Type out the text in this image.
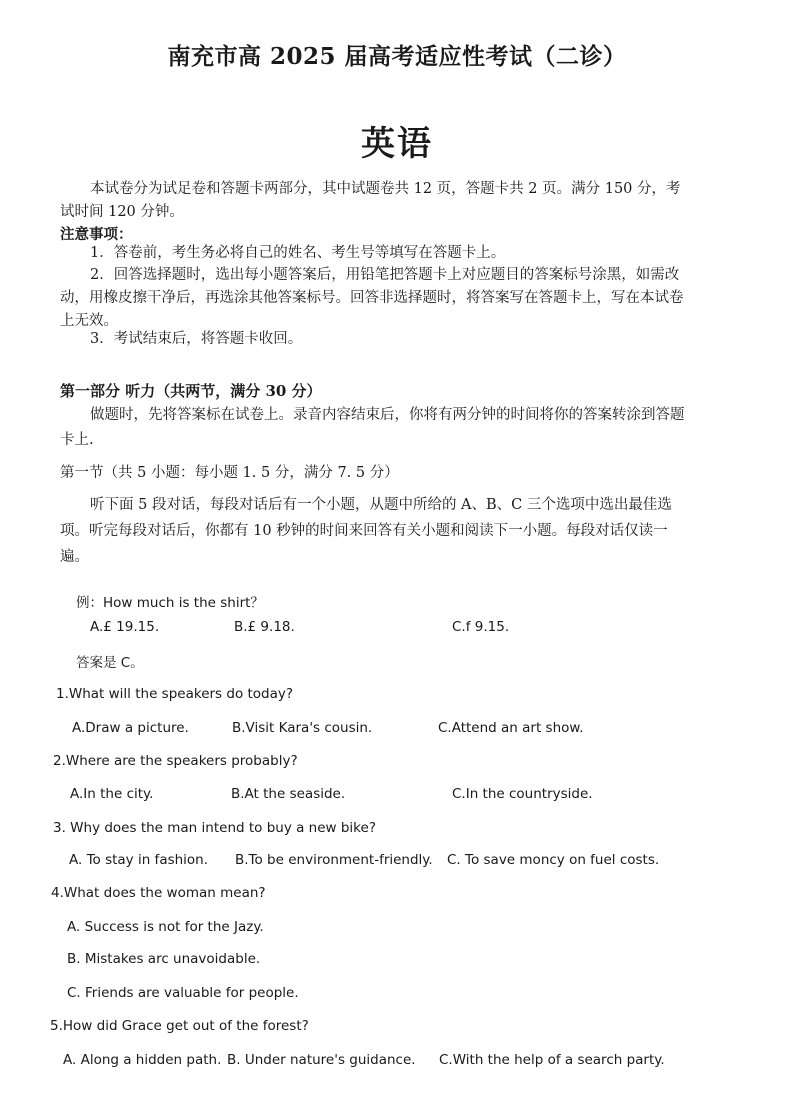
南充市高 2025 届高考适应性考试（二诊）
英语
本试卷分为试足卷和答题卡两部分，其中试题卷共 12 页，答题卡共 2 页。满分 150 分，考试时间 120 分钟。
注意事项：
1．答卷前，考生务必将自己的姓名、考生号等填写在答题卡上。
2．回答选择题时，选出每小题答案后，用铅笔把答题卡上对应题目的答案标号涂黑，如需改动，用橡皮擦干净后，再选涂其他答案标号。回答非选择题时，将答案写在答题卡上，写在本试卷上无效。
3．考试结束后，将答题卡收回。
第一部分 听力（共两节，满分 30 分）
做题时，先将答案标在试卷上。录音内容结束后，你将有两分钟的时间将你的答案转涂到答题卡上.
第一节（共 5 小题：每小题 1. 5 分，满分 7. 5 分）
听下面 5 段对话，每段对话后有一个小题，从题中所给的 A、B、C 三个选项中选出最佳选项。听完每段对话后，你都有 10 秒钟的时间来回答有关小题和阅读下一小题。每段对话仅读一遍。
例：How much is the shirt？
A.£ 19.15.	B.£ 9.18.	C.f 9.15.
答案是 C。
1.What will the speakers do today?
A.Draw a picture.	B.Visit Kara's cousin.	C.Attend an art show.
2.Where are the speakers probably?
A.In the city.	B.At the seaside.	C.In the countryside.
3. Why does the man intend to buy a new bike?
A. To stay in fashion. B.To be environment-friendly. C. To save moncy on fuel costs.
4.What does the woman mean?
A. Success is not for the Jazy.
B. Mistakes arc unavoidable.
C. Friends are valuable for people.
5.How did Grace get out of the forest?
A. Along a hidden path. B. Under nature's guidance. C.With the help of a search party.
